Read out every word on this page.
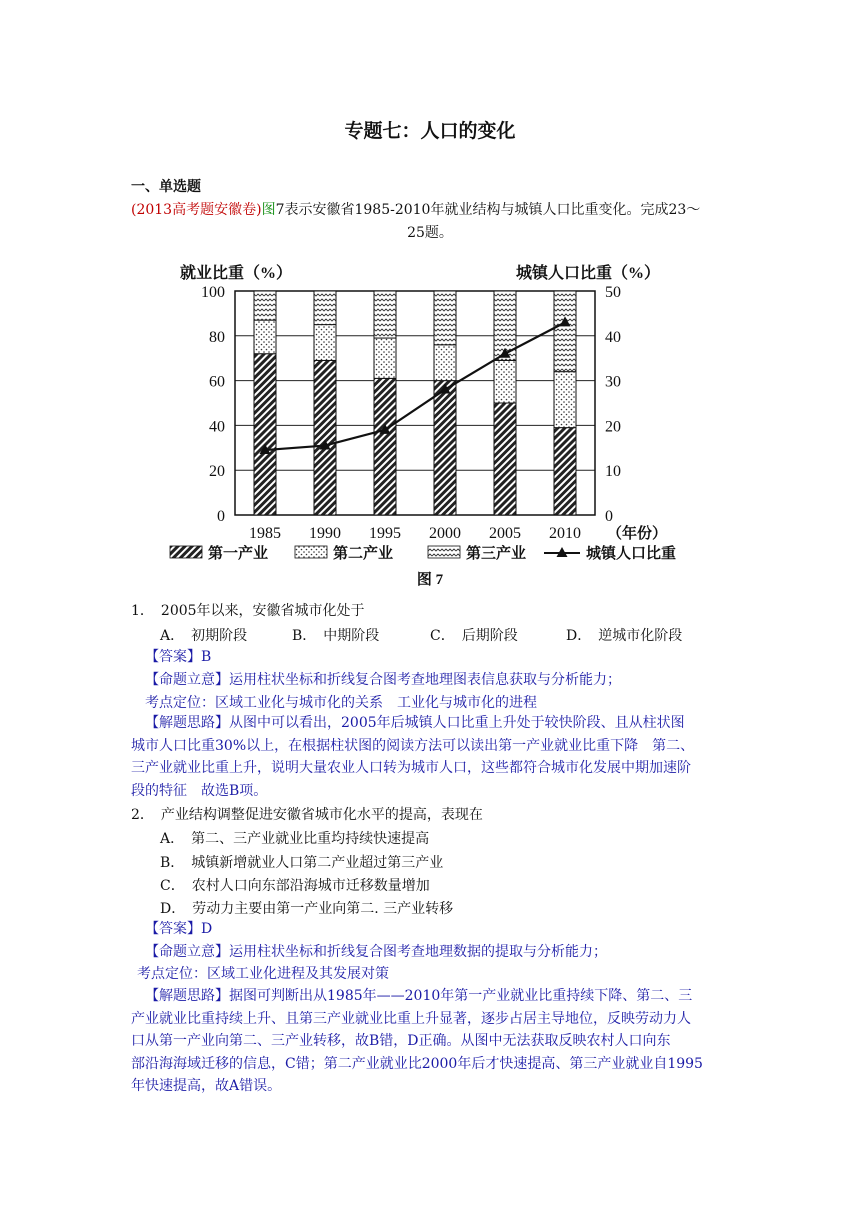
专题七：人口的变化
一、单选题
(2013高考题安徽卷)图7表示安徽省1985-2010年就业结构与城镇人口比重变化。完成23～
25题。
0
20
40
60
80
100
0
10
20
30
40
50
1985 1990 1995 2000 2005 2010 （年份）
就业比重（%）	城镇人口比重（%）
第一产业	第二产业	第三产业	城镇人口比重
图 7
1．　2005年以来，安徽省城市化处于
A．　初期阶段	B．　中期阶段	C．　后期阶段	D．　逆城市化阶段
【答案】B
【命题立意】运用柱状坐标和折线复合图考查地理图表信息获取与分析能力；
考点定位：区域工业化与城市化的关系　工业化与城市化的进程
【解题思路】从图中可以看出，2005年后城镇人口比重上升处于较快阶段、且从柱状图
城市人口比重30%以上，在根据柱状图的阅读方法可以读出第一产业就业比重下降　第二、
三产业就业比重上升，说明大量农业人口转为城市人口，这些都符合城市化发展中期加速阶
段的特征　故选B项。
2．　产业结构调整促进安徽省城市化水平的提高，表现在
A．　第二、三产业就业比重均持续快速提高
B．　城镇新增就业人口第二产业超过第三产业
C．　农村人口向东部沿海城市迁移数量增加
D．　劳动力主要由第一产业向第二. 三产业转移
【答案】D
【命题立意】运用柱状坐标和折线复合图考查地理数据的提取与分析能力；
考点定位：区域工业化进程及其发展对策
【解题思路】据图可判断出从1985年——2010年第一产业就业比重持续下降、第二、三
产业就业比重持续上升、且第三产业就业比重上升显著，逐步占居主导地位，反映劳动力人
口从第一产业向第二、三产业转移，故B错，D正确。从图中无法获取反映农村人口向东
部沿海海域迁移的信息，C错；第二产业就业比2000年后才快速提高、第三产业就业自1995
年快速提高，故A错误。
